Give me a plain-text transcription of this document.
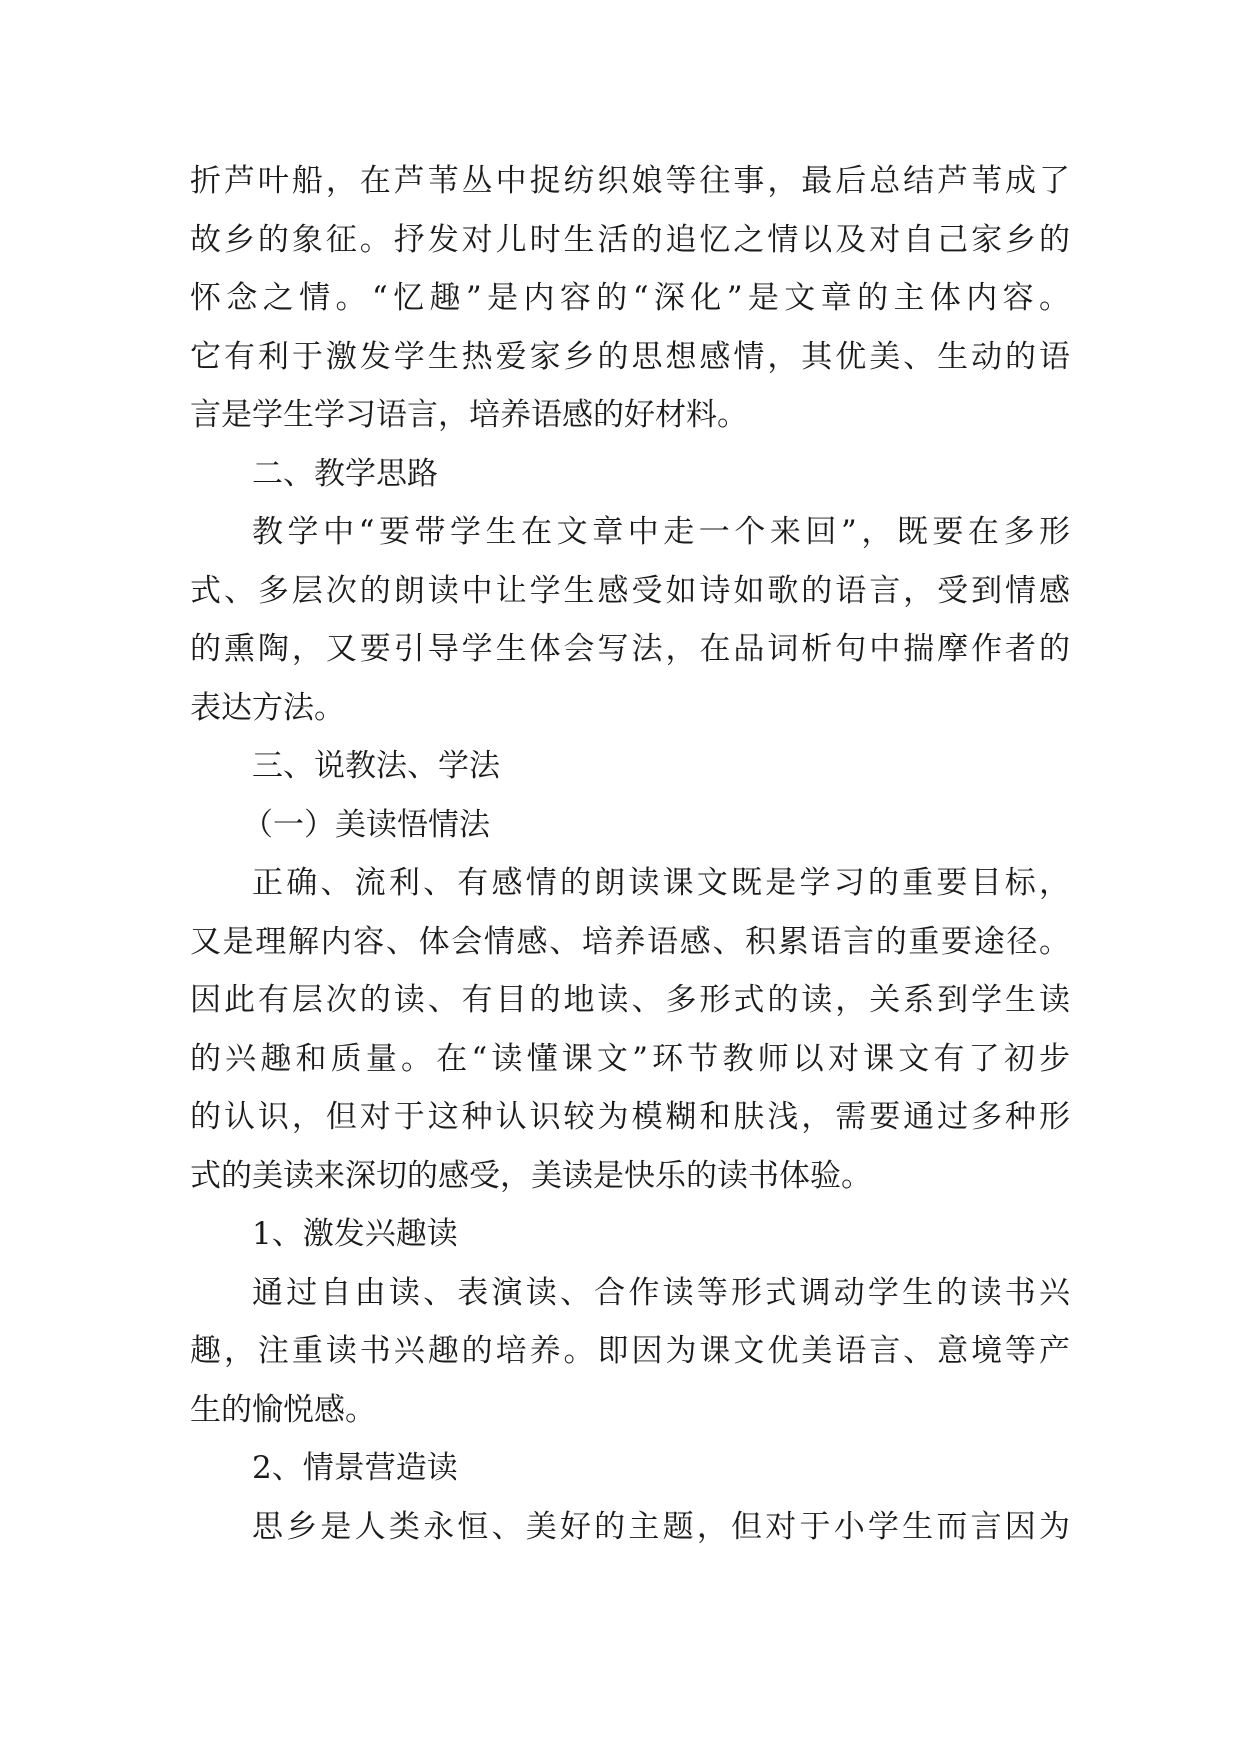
折芦叶船，在芦苇丛中捉纺织娘等往事，最后总结芦苇成了
故乡的象征。抒发对儿时生活的追忆之情以及对自己家乡的
怀念之情。“忆趣”是内容的“深化”是文章的主体内容。
它有利于激发学生热爱家乡的思想感情，其优美、生动的语
言是学生学习语言，培养语感的好材料。
二、教学思路
教学中“要带学生在文章中走一个来回”，既要在多形
式、多层次的朗读中让学生感受如诗如歌的语言，受到情感
的熏陶，又要引导学生体会写法，在品词析句中揣摩作者的
表达方法。
三、说教法、学法
（一）美读悟情法
正确、流利、有感情的朗读课文既是学习的重要目标，
又是理解内容、体会情感、培养语感、积累语言的重要途径。
因此有层次的读、有目的地读、多形式的读，关系到学生读
的兴趣和质量。在“读懂课文”环节教师以对课文有了初步
的认识，但对于这种认识较为模糊和肤浅，需要通过多种形
式的美读来深切的感受，美读是快乐的读书体验。
1、激发兴趣读
通过自由读、表演读、合作读等形式调动学生的读书兴
趣，注重读书兴趣的培养。即因为课文优美语言、意境等产
生的愉悦感。
2、情景营造读
思乡是人类永恒、美好的主题，但对于小学生而言因为
